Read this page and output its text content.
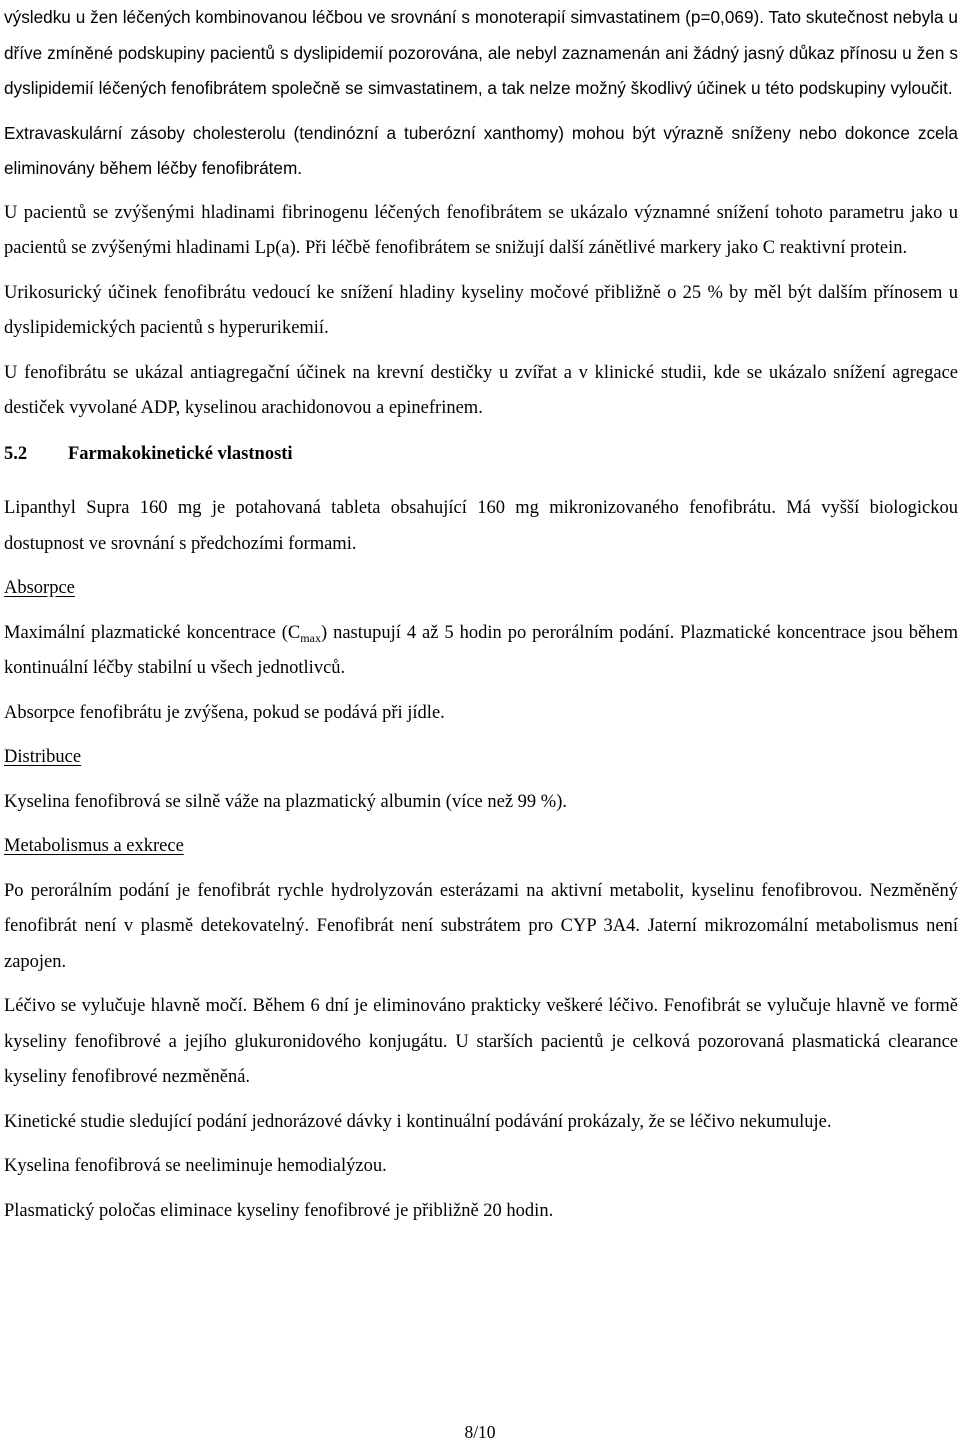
výsledku u žen léčených kombinovanou léčbou ve srovnání s monoterapií simvastatinem (p=0,069). Tato skutečnost nebyla u dříve zmíněné podskupiny pacientů s dyslipidemií pozorována, ale nebyl zaznamenán ani žádný jasný důkaz přínosu u žen s dyslipidemií léčených fenofibrátem společně se simvastatinem, a tak nelze možný škodlivý účinek u této podskupiny vyloučit.

Extravaskulární zásoby cholesterolu (tendinózní a tuberózní xanthomy) mohou být výrazně sníženy nebo dokonce zcela eliminovány během léčby fenofibrátem.

U pacientů se zvýšenými hladinami fibrinogenu léčených fenofibrátem se ukázalo významné snížení tohoto parametru jako u pacientů se zvýšenými hladinami Lp(a). Při léčbě fenofibrátem se snižují další zánětlivé markery jako C reaktivní protein.

Urikosurický účinek fenofibrátu vedoucí ke snížení hladiny kyseliny močové přibližně o 25 % by měl být dalším přínosem u dyslipidemických pacientů s hyperurikemií.

U fenofibrátu se ukázal antiagregační účinek na krevní destičky u zvířat a v klinické studii, kde se ukázalo snížení agregace destiček vyvolané ADP, kyselinou arachidonovou a epinefrinem.

5.2	Farmakokinetické vlastnosti

Lipanthyl Supra 160 mg je potahovaná tableta obsahující 160 mg mikronizovaného fenofibrátu. Má vyšší biologickou dostupnost ve srovnání s předchozími formami.

Absorpce

Maximální plazmatické koncentrace $(C_{max})$ nastupují 4 až 5 hodin po perorálním podání. Plazmatické koncentrace jsou během kontinuální léčby stabilní u všech jednotlivců.

Absorpce fenofibrátu je zvýšena, pokud se podává při jídle.

Distribuce

Kyselina fenofibrová se silně váže na plazmatický albumin (více než 99 %).

Metabolismus a exkrece

Po perorálním podání je fenofibrát rychle hydrolyzován esterázami na aktivní metabolit, kyselinu fenofibrovou. Nezměněný fenofibrát není v plasmě detekovatelný. Fenofibrát není substrátem pro CYP 3A4. Jaterní mikrozomální metabolismus není zapojen.

Léčivo se vylučuje hlavně močí. Během 6 dní je eliminováno prakticky veškeré léčivo. Fenofibrát se vylučuje hlavně ve formě kyseliny fenofibrové a jejího glukuronidového konjugátu. U starších pacientů je celková pozorovaná plasmatická clearance kyseliny fenofibrové nezměněná.

Kinetické studie sledující podání jednorázové dávky i kontinuální podávání prokázaly, že se léčivo nekumuluje.

Kyselina fenofibrová se neeliminuje hemodialýzou.

Plasmatický poločas eliminace kyseliny fenofibrové je přibližně 20 hodin.

8/10
